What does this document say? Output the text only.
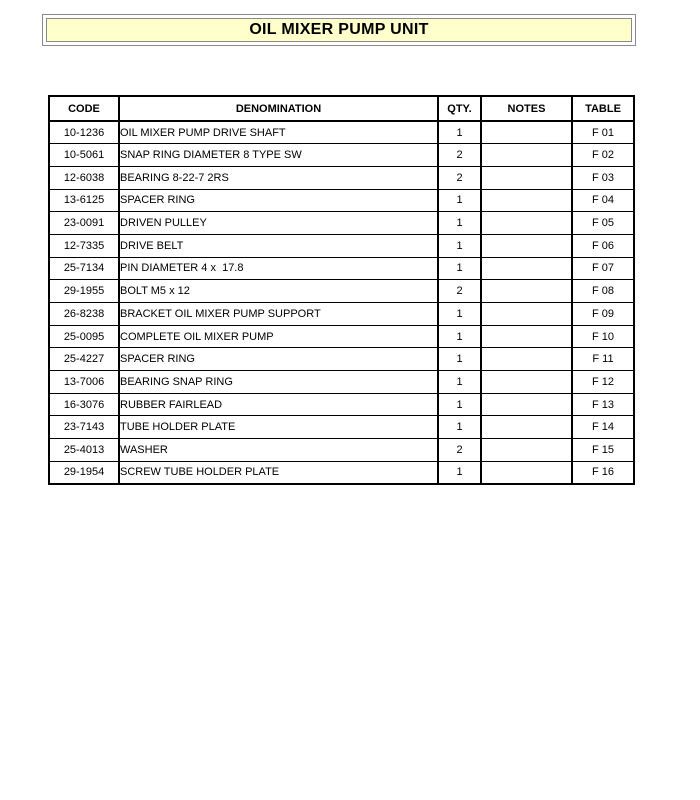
OIL MIXER PUMP UNIT
CODE	DENOMINATION	QTY.	NOTES	TABLE
10-1236	OIL MIXER PUMP DRIVE SHAFT	1		F 01
10-5061	SNAP RING DIAMETER 8 TYPE SW	2		F 02
12-6038	BEARING 8-22-7 2RS	2		F 03
13-6125	SPACER RING	1		F 04
23-0091	DRIVEN PULLEY	1		F 05
12-7335	DRIVE BELT	1		F 06
25-7134	PIN DIAMETER 4 x  17.8	1		F 07
29-1955	BOLT M5 x 12	2		F 08
26-8238	BRACKET OIL MIXER PUMP SUPPORT	1		F 09
25-0095	COMPLETE OIL MIXER PUMP	1		F 10
25-4227	SPACER RING	1		F 11
13-7006	BEARING SNAP RING	1		F 12
16-3076	RUBBER FAIRLEAD	1		F 13
23-7143	TUBE HOLDER PLATE	1		F 14
25-4013	WASHER	2		F 15
29-1954	SCREW TUBE HOLDER PLATE	1		F 16
